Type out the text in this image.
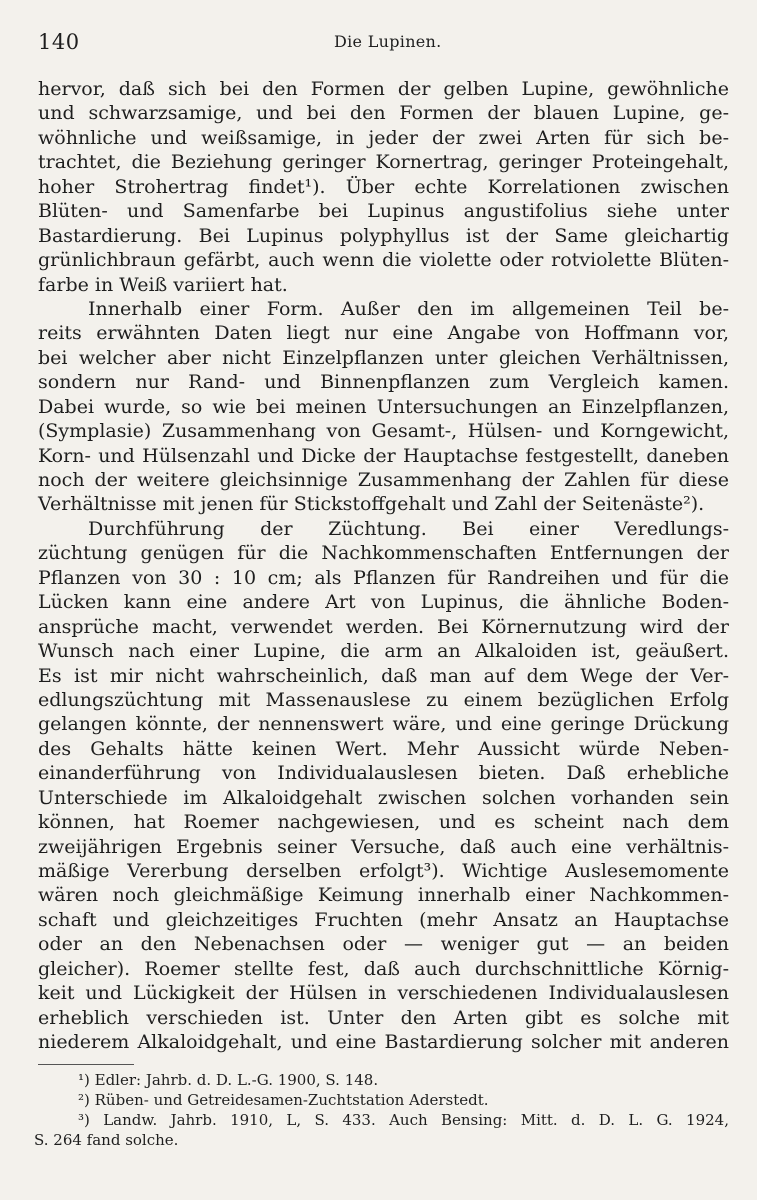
140	Die Lupinen.
hervor, daß sich bei den Formen der gelben Lupine, gewöhnliche
und schwarzsamige, und bei den Formen der blauen Lupine, ge-
wöhnliche und weißsamige, in jeder der zwei Arten für sich be-
trachtet, die Beziehung geringer Kornertrag, geringer Proteingehalt,
hoher Strohertrag findet¹). Über echte Korrelationen zwischen
Blüten- und Samenfarbe bei Lupinus angustifolius siehe unter
Bastardierung. Bei Lupinus polyphyllus ist der Same gleichartig
grünlichbraun gefärbt, auch wenn die violette oder rotviolette Blüten-
farbe in Weiß variiert hat.
Innerhalb einer Form. Außer den im allgemeinen Teil be-
reits erwähnten Daten liegt nur eine Angabe von Hoffmann vor,
bei welcher aber nicht Einzelpflanzen unter gleichen Verhältnissen,
sondern nur Rand- und Binnenpflanzen zum Vergleich kamen.
Dabei wurde, so wie bei meinen Untersuchungen an Einzelpflanzen,
(Symplasie) Zusammenhang von Gesamt-, Hülsen- und Korngewicht,
Korn- und Hülsenzahl und Dicke der Hauptachse festgestellt, daneben
noch der weitere gleichsinnige Zusammenhang der Zahlen für diese
Verhältnisse mit jenen für Stickstoffgehalt und Zahl der Seitenäste²).
Durchführung der Züchtung. Bei einer Veredlungs-
züchtung genügen für die Nachkommenschaften Entfernungen der
Pflanzen von 30 : 10 cm; als Pflanzen für Randreihen und für die
Lücken kann eine andere Art von Lupinus, die ähnliche Boden-
ansprüche macht, verwendet werden. Bei Körnernutzung wird der
Wunsch nach einer Lupine, die arm an Alkaloiden ist, geäußert.
Es ist mir nicht wahrscheinlich, daß man auf dem Wege der Ver-
edlungszüchtung mit Massenauslese zu einem bezüglichen Erfolg
gelangen könnte, der nennenswert wäre, und eine geringe Drückung
des Gehalts hätte keinen Wert. Mehr Aussicht würde Neben-
einanderführung von Individualauslesen bieten. Daß erhebliche
Unterschiede im Alkaloidgehalt zwischen solchen vorhanden sein
können, hat Roemer nachgewiesen, und es scheint nach dem
zweijährigen Ergebnis seiner Versuche, daß auch eine verhältnis-
mäßige Vererbung derselben erfolgt³). Wichtige Auslesemomente
wären noch gleichmäßige Keimung innerhalb einer Nachkommen-
schaft und gleichzeitiges Fruchten (mehr Ansatz an Hauptachse
oder an den Nebenachsen oder — weniger gut — an beiden
gleicher). Roemer stellte fest, daß auch durchschnittliche Körnig-
keit und Lückigkeit der Hülsen in verschiedenen Individualauslesen
erheblich verschieden ist. Unter den Arten gibt es solche mit
niederem Alkaloidgehalt, und eine Bastardierung solcher mit anderen
¹) Edler: Jahrb. d. D. L.-G. 1900, S. 148.
²) Rüben- und Getreidesamen-Zuchtstation Aderstedt.
³) Landw. Jahrb. 1910, L, S. 433. Auch Bensing: Mitt. d. D. L. G. 1924,
S. 264 fand solche.
